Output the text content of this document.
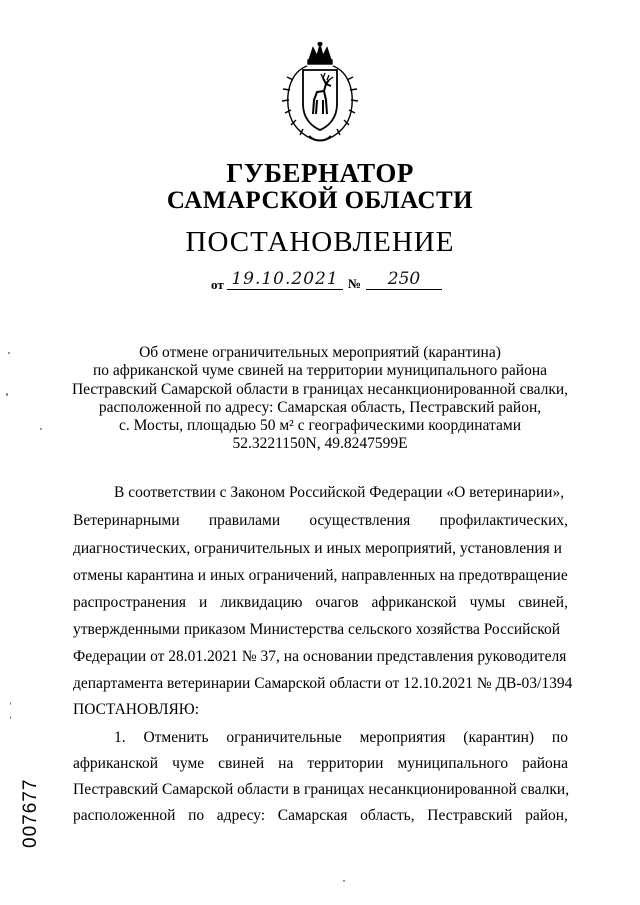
ГУБЕРНАТОР
САМАРСКОЙ ОБЛАСТИ
ПОСТАНОВЛЕНИЕ
от 19.10.2021 №	250
Об отмене ограничительных мероприятий (карантина)
по африканской чуме свиней на территории муниципального района
Пестравский Самарской области в границах несанкционированной свалки,
расположенной по адресу: Самарская область, Пестравский район,
с. Мосты, площадью 50 м² с географическими координатами
52.3221150N, 49.8247599E
В соответствии с Законом Российской Федерации «О ветеринарии»,
Ветеринарными правилами осуществления профилактических,
диагностических, ограничительных и иных мероприятий, установления и
отмены карантина и иных ограничений, направленных на предотвращение
распространения и ликвидацию очагов африканской чумы свиней,
утвержденными приказом Министерства сельского хозяйства Российской
Федерации от 28.01.2021 № 37, на основании представления руководителя
департамента ветеринарии Самарской области от 12.10.2021 № ДВ-03/1394
ПОСТАНОВЛЯЮ:
1. Отменить ограничительные мероприятия (карантин) по
африканской чуме свиней на территории муниципального района
Пестравский Самарской области в границах несанкционированной свалки,
расположенной по адресу: Самарская область, Пестравский район,
007677
